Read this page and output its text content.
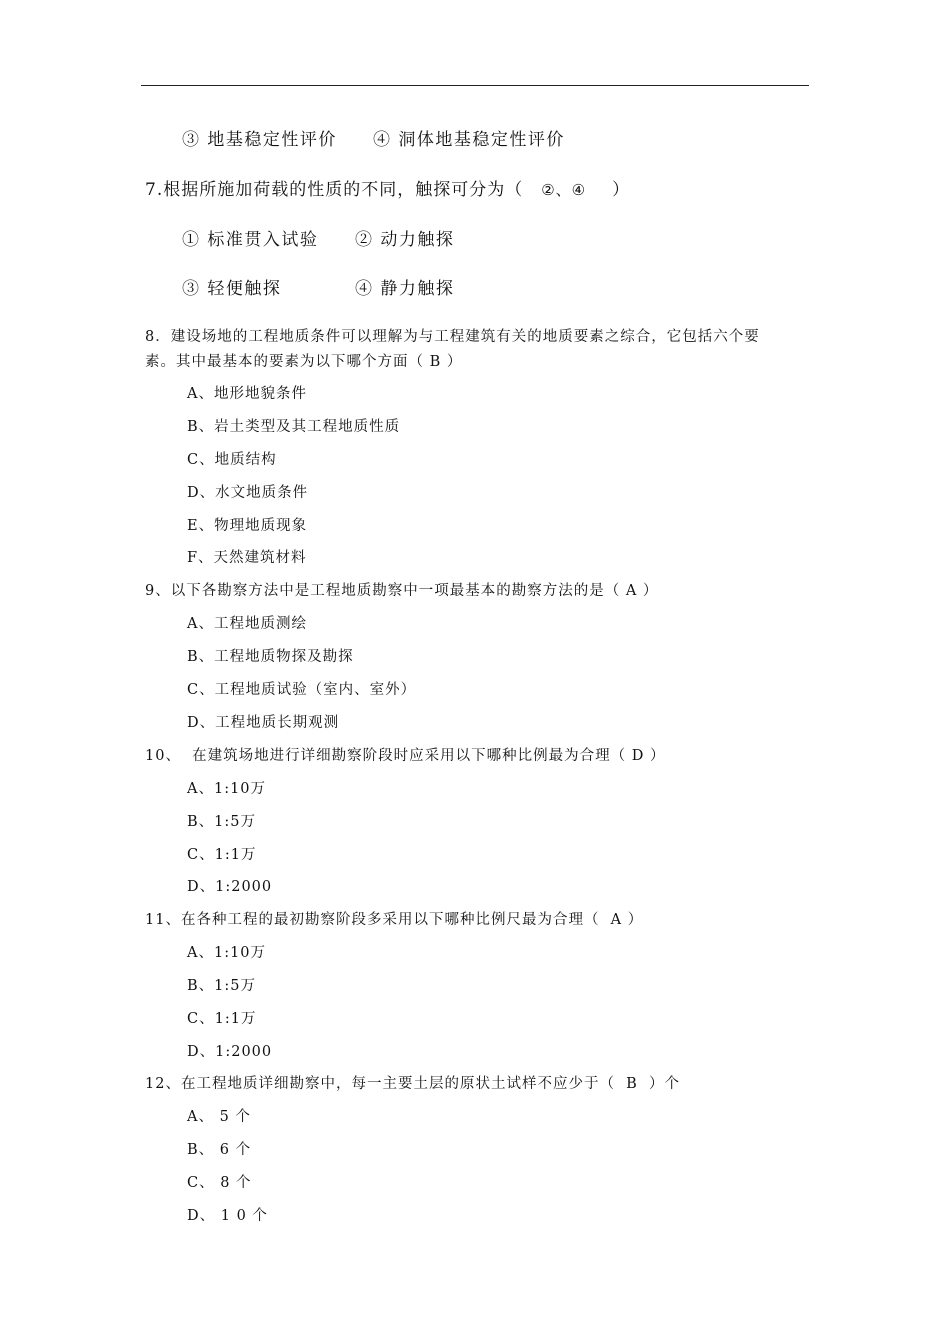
③ 地基稳定性评价 ④ 洞体地基稳定性评价
7.根据所施加荷载的性质的不同，触探可分为（ ②、④ ）
① 标准贯入试验 ② 动力触探
③ 轻便触探	④ 静力触探
8．建设场地的工程地质条件可以理解为与工程建筑有关的地质要素之综合，它包括六个要
素。其中最基本的要素为以下哪个方面（ B ）
A、地形地貌条件
B、岩土类型及其工程地质性质
C、地质结构
D、水文地质条件
E、物理地质现象
F、天然建筑材料
9、以下各勘察方法中是工程地质勘察中一项最基本的勘察方法的是（ A ）
A、工程地质测绘
B、工程地质物探及勘探
C、工程地质试验（室内、室外）
D、工程地质长期观测
10、  在建筑场地进行详细勘察阶段时应采用以下哪种比例最为合理（ D ）
A、1:10万
B、1:5万
C、1:1万
D、1:2000
11、在各种工程的最初勘察阶段多采用以下哪种比例尺最为合理（  A ）
A、1:10万
B、1:5万
C、1:1万
D、1:2000
12、在工程地质详细勘察中，每一主要土层的原状土试样不应少于（  B  ）个
A、 5 个
B、 6 个
C、 8 个
D、 1 0 个
